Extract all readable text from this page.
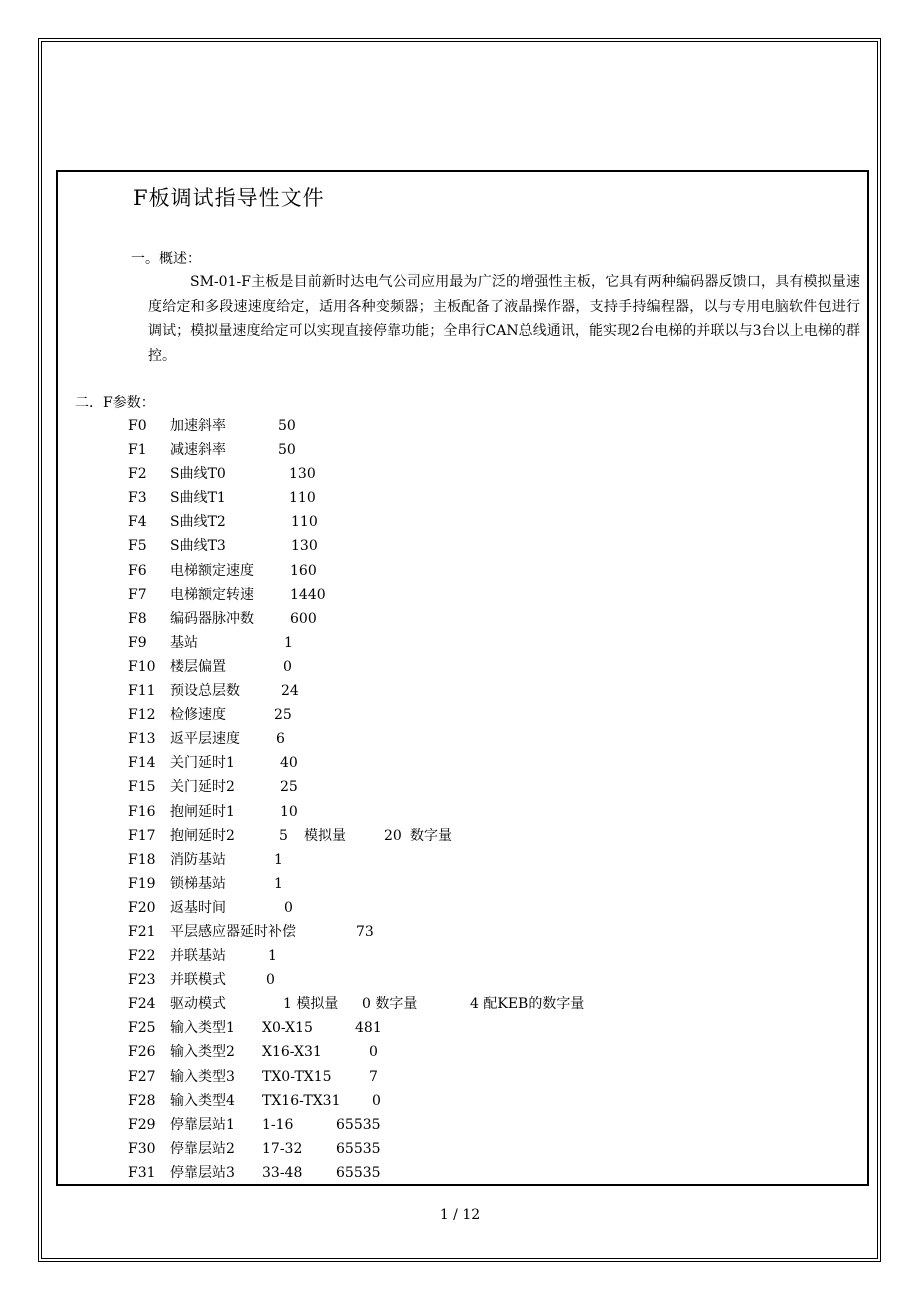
F板调试指导性文件
一。概述：
SM-01-F主板是目前新时达电气公司应用最为广泛的增强性主板，它具有两种编码器反馈口，具有模拟量速度给定和多段速速度给定，适用各种变频器；主板配备了液晶操作器，支持手持编程器，以与专用电脑软件包进行调试；模拟量速度给定可以实现直接停靠功能；全串行CAN总线通讯，能实现2台电梯的并联以与3台以上电梯的群控。
二．F参数：
F0 加速斜率	50
F1 减速斜率	50
F2 S曲线T0	130
F3 S曲线T1	110
F4 S曲线T2	110
F5 S曲线T3	130
F6 电梯额定速度	160
F7 电梯额定转速	1440
F8 编码器脉冲数	600
F9 基站	1
F10 楼层偏置	0
F11 预设总层数	24
F12 检修速度	25
F13 返平层速度	6
F14 关门延时1	40
F15 关门延时2	25
F16 抱闸延时1	10
F17 抱闸延时2	5 模拟量	20 数字量
F18 消防基站	1
F19 锁梯基站	1
F20 返基时间	0
F21 平层感应器延时补偿	73
F22 并联基站	1
F23 并联模式	0
F24 驱动模式	1 模拟量 0 数字量	4 配KEB的数字量
F25 输入类型1 X0-X15	481
F26 输入类型2 X16-X31	0
F27 输入类型3 TX0-TX15	7
F28 输入类型4 TX16-TX31 0
F29 停靠层站1 1-16	65535
F30 停靠层站2 17-32 65535
F31 停靠层站3 33-48 65535
1 / 12
